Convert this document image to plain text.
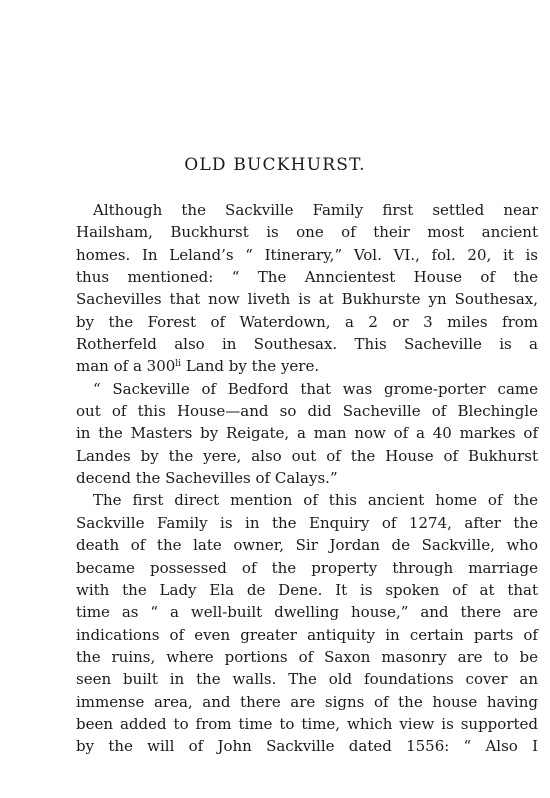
OLD BUCKHURST.
Although the Sackville Family first settled near
Hailsham, Buckhurst is one of their most ancient
homes. In Leland’s “ Itinerary,” Vol. VI., fol. 20, it is
thus mentioned: “ The Anncientest House of the
Sachevilles that now liveth is at Bukhurste yn Southesax,
by the Forest of Waterdown, a 2 or 3 miles from
Rotherfeld also in Southesax. This Sacheville is a
man of a $300^{li}$ Land by the yere.
“ Sackeville of Bedford that was grome-porter came
out of this House—and so did Sacheville of Blechingle
in the Masters by Reigate, a man now of a 40 markes of
Landes by the yere, also out of the House of Bukhurst
decend the Sachevilles of Calays.”
The first direct mention of this ancient home of the
Sackville Family is in the Enquiry of 1274, after the
death of the late owner, Sir Jordan de Sackville, who
became possessed of the property through marriage
with the Lady Ela de Dene. It is spoken of at that
time as “ a well-built dwelling house,” and there are
indications of even greater antiquity in certain parts of
the ruins, where portions of Saxon masonry are to be
seen built in the walls. The old foundations cover an
immense area, and there are signs of the house having
been added to from time to time, which view is supported
by the will of John Sackville dated 1556: “ Also I
